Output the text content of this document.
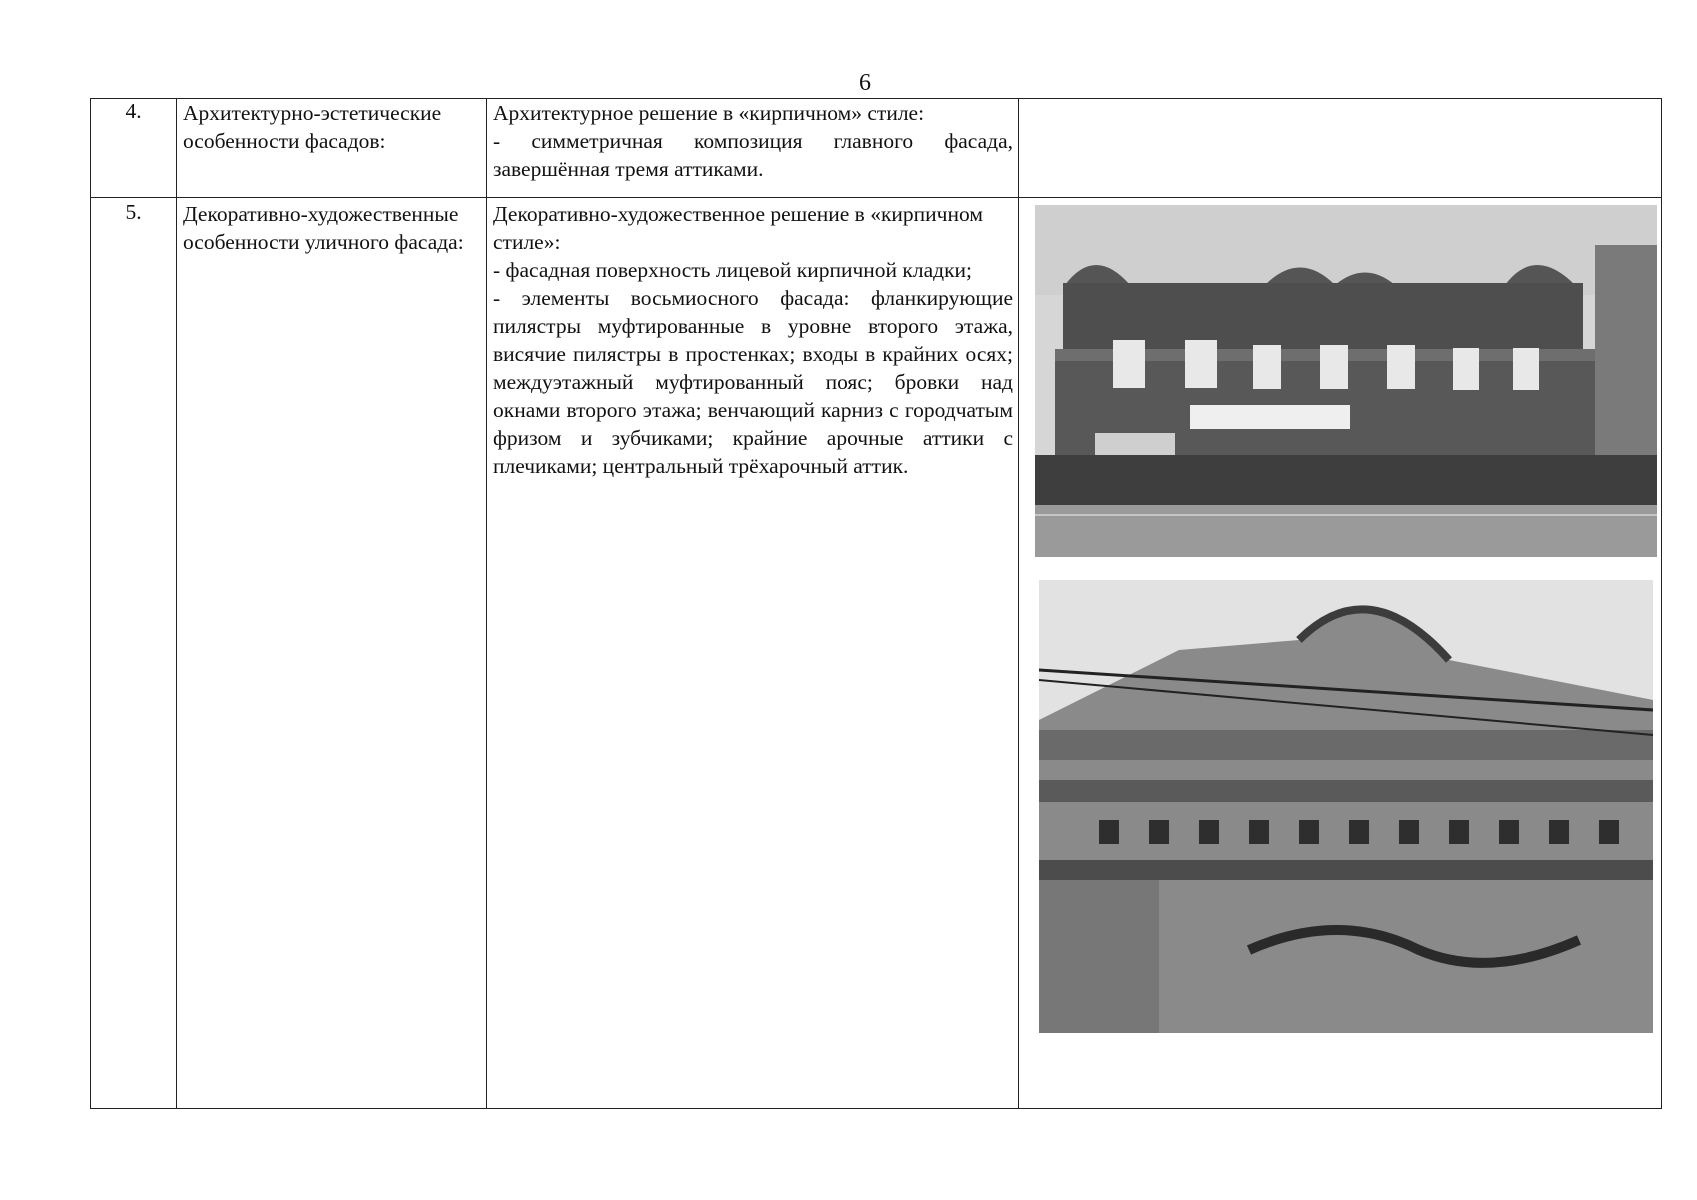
6
4.	Архитектурно-эстетические особенности фасадов:
Архитектурное решение в «кирпичном» стиле:
- симметричная композиция главного фасада, завершённая тремя аттиками.
5.	Декоративно-художественные особенности уличного фасада:
Декоративно-художественное решение в «кирпичном стиле»:
- фасадная поверхность лицевой кирпичной кладки;
- элементы восьмиосного фасада: фланкирующие пилястры муфтированные в уровне второго этажа, висячие пилястры в простенках; входы в крайних осях; междуэтажный муфтированный пояс; бровки над окнами второго этажа; венчающий карниз с городчатым фризом и зубчиками; крайние арочные аттики с плечиками; центральный трёхарочный аттик.
